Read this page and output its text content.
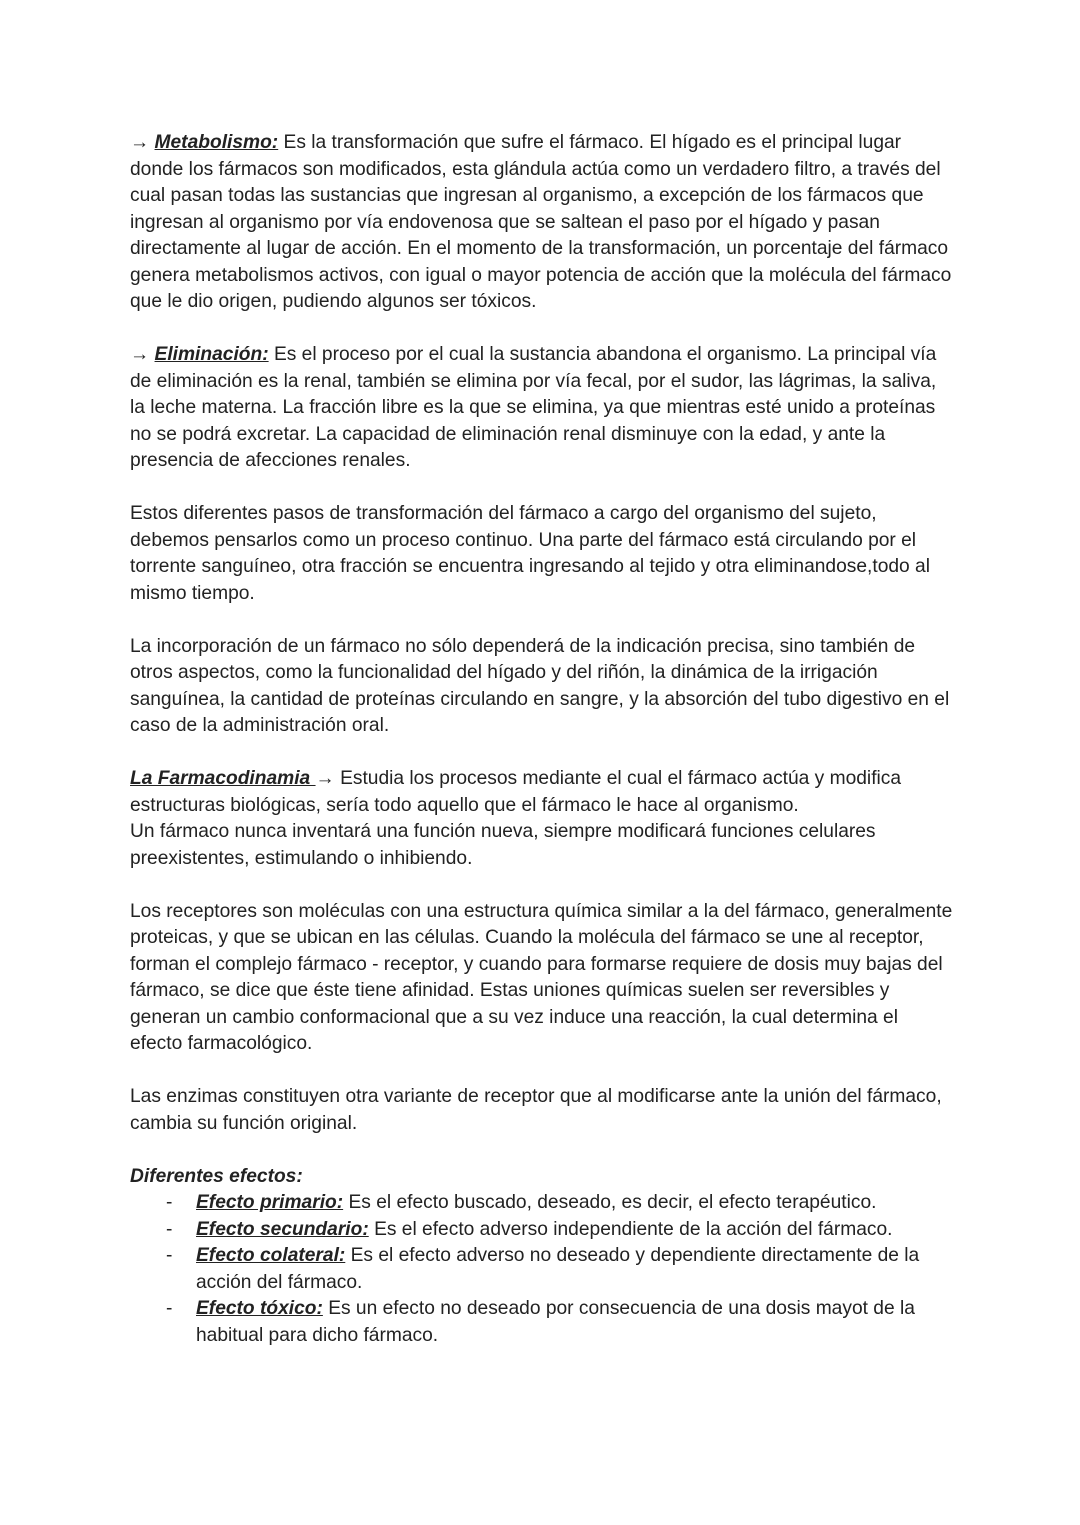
→ Metabolismo: Es la transformación que sufre el fármaco. El hígado es el principal lugar donde los fármacos son modificados, esta glándula actúa como un verdadero filtro, a través del cual pasan todas las sustancias que ingresan al organismo, a excepción de los fármacos que ingresan al organismo por vía endovenosa que se saltean el paso por el hígado y pasan directamente al lugar de acción. En el momento de la transformación, un porcentaje del fármaco genera metabolismos activos, con igual o mayor potencia de acción que la molécula del fármaco que le dio origen, pudiendo algunos ser tóxicos.

→ Eliminación: Es el proceso por el cual la sustancia abandona el organismo. La principal vía de eliminación es la renal, también se elimina por vía fecal, por el sudor, las lágrimas, la saliva, la leche materna. La fracción libre es la que se elimina, ya que mientras esté unido a proteínas no se podrá excretar. La capacidad de eliminación renal disminuye con la edad, y ante la presencia de afecciones renales.

Estos diferentes pasos de transformación del fármaco a cargo del organismo del sujeto, debemos pensarlos como un proceso continuo. Una parte del fármaco está circulando por el torrente sanguíneo, otra fracción se encuentra ingresando al tejido y otra eliminandose,todo al mismo tiempo.

La incorporación de un fármaco no sólo dependerá de la indicación precisa, sino también de otros aspectos, como la funcionalidad del hígado y del riñón, la dinámica de la irrigación sanguínea, la cantidad de proteínas circulando en sangre, y la absorción del tubo digestivo en el caso de la administración oral.

La Farmacodinamia → Estudia los procesos mediante el cual el fármaco actúa y modifica estructuras biológicas, sería todo aquello que el fármaco le hace al organismo.
Un fármaco nunca inventará una función nueva, siempre modificará funciones celulares preexistentes, estimulando o inhibiendo.

Los receptores son moléculas con una estructura química similar a la del fármaco, generalmente proteicas, y que se ubican en las células. Cuando la molécula del fármaco se une al receptor, forman el complejo fármaco - receptor, y cuando para formarse requiere de dosis muy bajas del fármaco, se dice que éste tiene afinidad. Estas uniones químicas suelen ser reversibles y generan un cambio conformacional que a su vez induce una reacción, la cual determina el efecto farmacológico.

Las enzimas constituyen otra variante de receptor que al modificarse ante la unión del fármaco, cambia su función original.

Diferentes efectos:

- Efecto primario: Es el efecto buscado, deseado, es decir, el efecto terapéutico.
- Efecto secundario: Es el efecto adverso independiente de la acción del fármaco.
- Efecto colateral: Es el efecto adverso no deseado y dependiente directamente de la acción del fármaco.
- Efecto tóxico: Es un efecto no deseado por consecuencia de una dosis mayot de la habitual para dicho fármaco.
